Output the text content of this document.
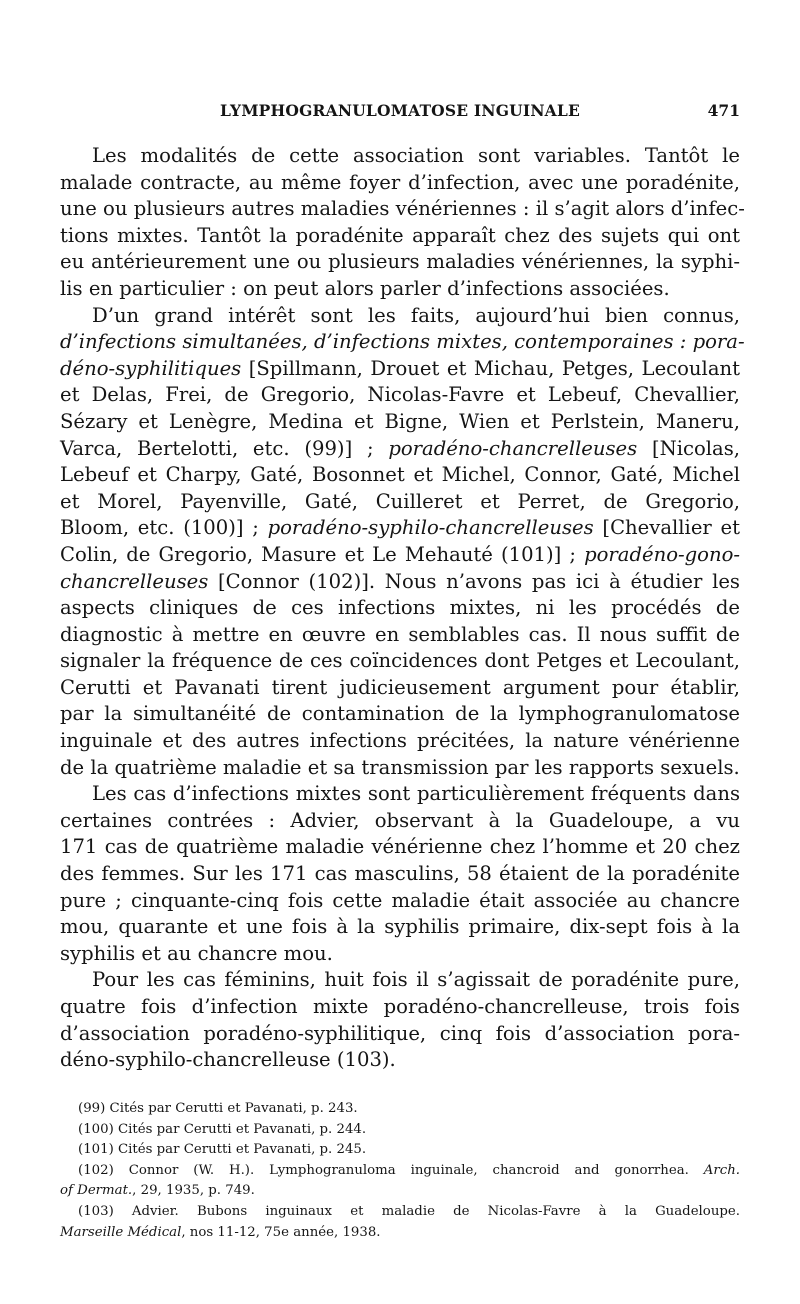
LYMPHOGRANULOMATOSE INGUINALE	471
Les modalités de cette association sont variables. Tantôt le
malade contracte, au même foyer d’infection, avec une poradénite,
une ou plusieurs autres maladies vénériennes : il s’agit alors d’infec-
tions mixtes. Tantôt la poradénite apparaît chez des sujets qui ont
eu antérieurement une ou plusieurs maladies vénériennes, la syphi-
lis en particulier : on peut alors parler d’infections associées.
D’un grand intérêt sont les faits, aujourd’hui bien connus,
d’infections simultanées, d’infections mixtes, contemporaines : pora-
déno-syphilitiques [Spillmann, Drouet et Michau, Petges, Lecoulant
et Delas, Frei, de Gregorio, Nicolas-Favre et Lebeuf, Chevallier,
Sézary et Lenègre, Medina et Bigne, Wien et Perlstein, Maneru,
Varca, Bertelotti, etc. (99)] ; poradéno-chancrelleuses [Nicolas,
Lebeuf et Charpy, Gaté, Bosonnet et Michel, Connor, Gaté, Michel
et Morel, Payenville, Gaté, Cuilleret et Perret, de Gregorio,
Bloom, etc. (100)] ; poradéno-syphilo-chancrelleuses [Chevallier et
Colin, de Gregorio, Masure et Le Mehauté (101)] ; poradéno-gono-
chancrelleuses [Connor (102)]. Nous n’avons pas ici à étudier les
aspects cliniques de ces infections mixtes, ni les procédés de
diagnostic à mettre en œuvre en semblables cas. Il nous suffit de
signaler la fréquence de ces coïncidences dont Petges et Lecoulant,
Cerutti et Pavanati tirent judicieusement argument pour établir,
par la simultanéité de contamination de la lymphogranulomatose
inguinale et des autres infections précitées, la nature vénérienne
de la quatrième maladie et sa transmission par les rapports sexuels.
Les cas d’infections mixtes sont particulièrement fréquents dans
certaines contrées : Advier, observant à la Guadeloupe, a vu
171 cas de quatrième maladie vénérienne chez l’homme et 20 chez
des femmes. Sur les 171 cas masculins, 58 étaient de la poradénite
pure ; cinquante-cinq fois cette maladie était associée au chancre
mou, quarante et une fois à la syphilis primaire, dix-sept fois à la
syphilis et au chancre mou.
Pour les cas féminins, huit fois il s’agissait de poradénite pure,
quatre fois d’infection mixte poradéno-chancrelleuse, trois fois
d’association poradéno-syphilitique, cinq fois d’association pora-
déno-syphilo-chancrelleuse (103).
(99) Cités par Cerutti et Pavanati, p. 243.
(100) Cités par Cerutti et Pavanati, p. 244.
(101) Cités par Cerutti et Pavanati, p. 245.
(102) Connor (W. H.). Lymphogranuloma inguinale, chancroid and gonorrhea. Arch.
of Dermat., 29, 1935, p. 749.
(103) Advier. Bubons inguinaux et maladie de Nicolas-Favre à la Guadeloupe.
Marseille Médical, nos 11-12, 75e année, 1938.
